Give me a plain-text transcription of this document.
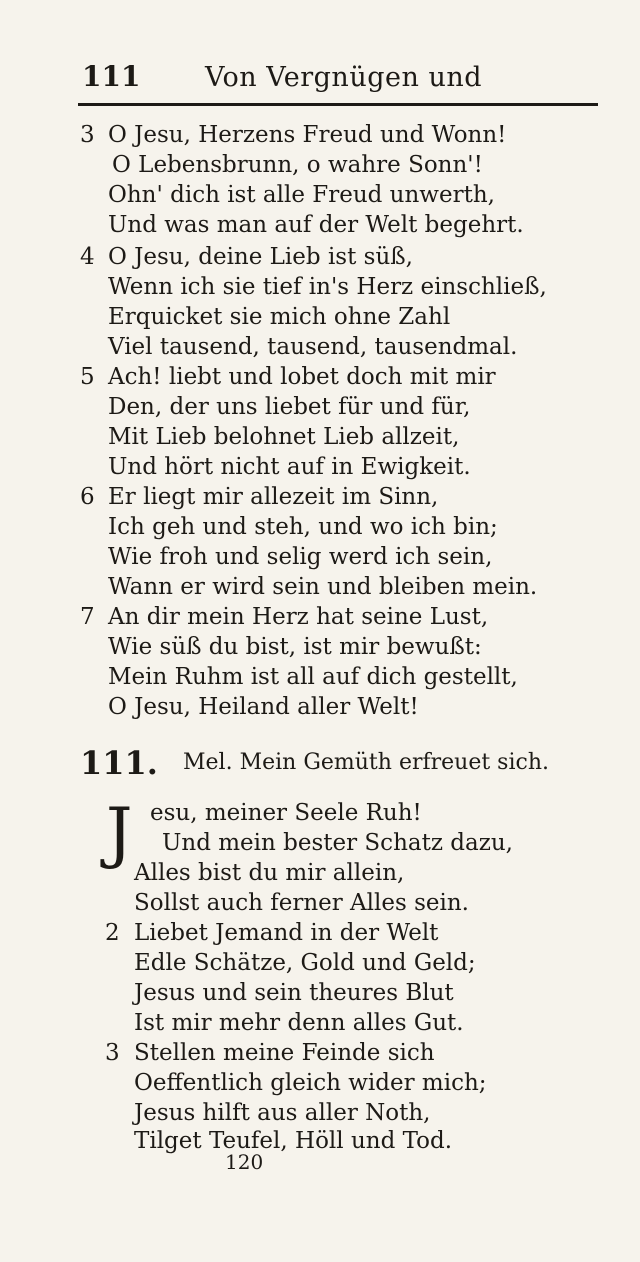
111 Von Vergnügen und
3 O Jesu, Herzens Freud und Wonn!
O Lebensbrunn, o wahre Sonn'!
Ohn' dich ist alle Freud unwerth,
Und was man auf der Welt begehrt.
4 O Jesu, deine Lieb ist süß,
Wenn ich sie tief in's Herz einschließ,
Erquicket sie mich ohne Zahl
Viel tausend, tausend, tausendmal.
5 Ach! liebt und lobet doch mit mir
Den, der uns liebet für und für,
Mit Lieb belohnet Lieb allzeit,
Und hört nicht auf in Ewigkeit.
6 Er liegt mir allezeit im Sinn,
Ich geh und steh, und wo ich bin;
Wie froh und selig werd ich sein,
Wann er wird sein und bleiben mein.
7 An dir mein Herz hat seine Lust,
Wie süß du bist, ist mir bewußt:
Mein Ruhm ist all auf dich gestellt,
O Jesu, Heiland aller Welt!
111. Mel. Mein Gemüth erfreuet sich.
J esu, meiner Seele Ruh!
Und mein bester Schatz dazu,
Alles bist du mir allein,
Sollst auch ferner Alles sein.
2 Liebet Jemand in der Welt
Edle Schätze, Gold und Geld;
Jesus und sein theures Blut
Ist mir mehr denn alles Gut.
3 Stellen meine Feinde sich
Oeffentlich gleich wider mich;
Jesus hilft aus aller Noth,
Tilget Teufel, Höll und Tod.
120
